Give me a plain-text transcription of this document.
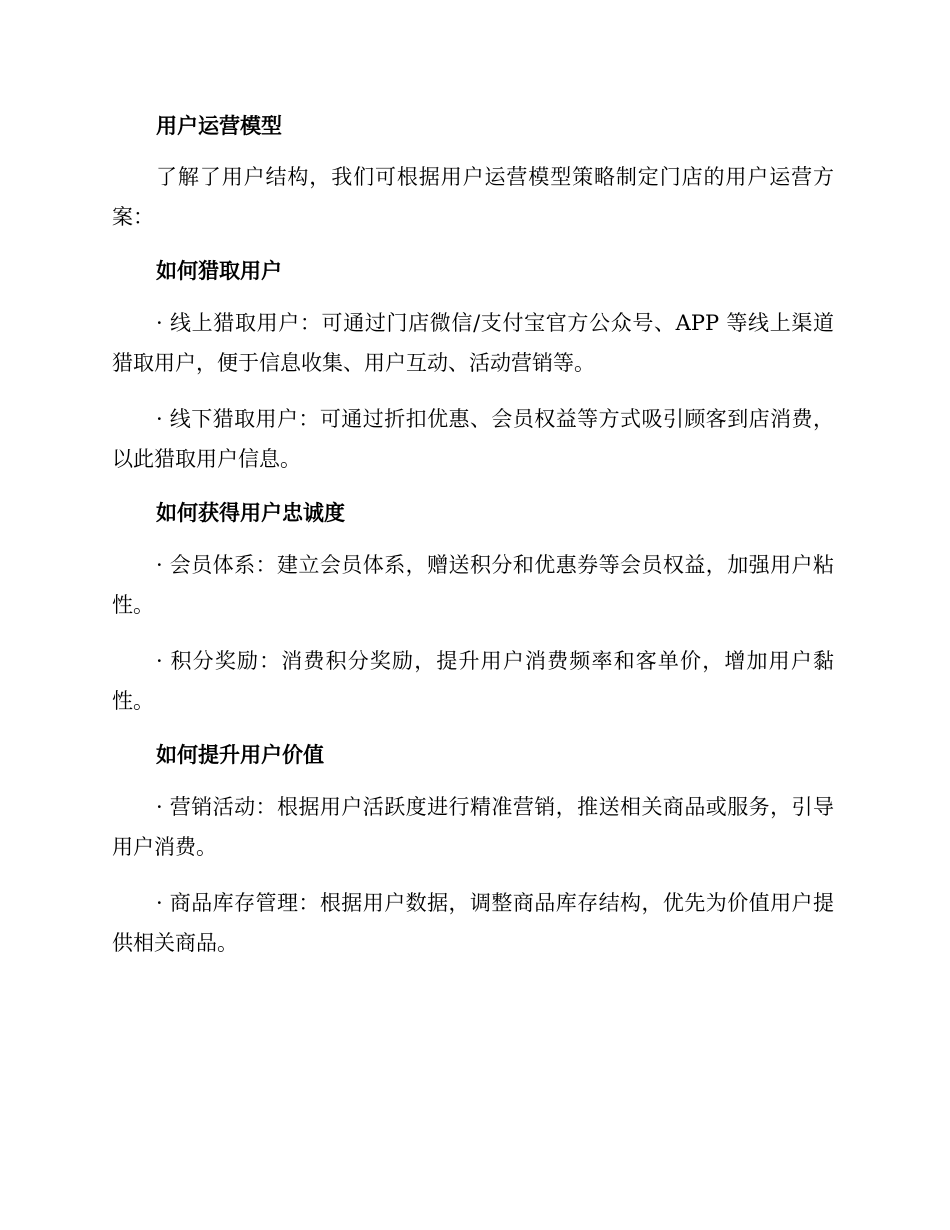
用户运营模型

了解了用户结构，我们可根据用户运营模型策略制定门店的用户运营方案：

如何猎取用户

· 线上猎取用户：可通过门店微信/支付宝官方公众号、APP 等线上渠道猎取用户，便于信息收集、用户互动、活动营销等。

· 线下猎取用户：可通过折扣优惠、会员权益等方式吸引顾客到店消费，以此猎取用户信息。

如何获得用户忠诚度

· 会员体系：建立会员体系，赠送积分和优惠券等会员权益，加强用户粘性。

· 积分奖励：消费积分奖励，提升用户消费频率和客单价，增加用户黏性。

如何提升用户价值

· 营销活动：根据用户活跃度进行精准营销，推送相关商品或服务，引导用户消费。

· 商品库存管理：根据用户数据，调整商品库存结构，优先为价值用户提供相关商品。
